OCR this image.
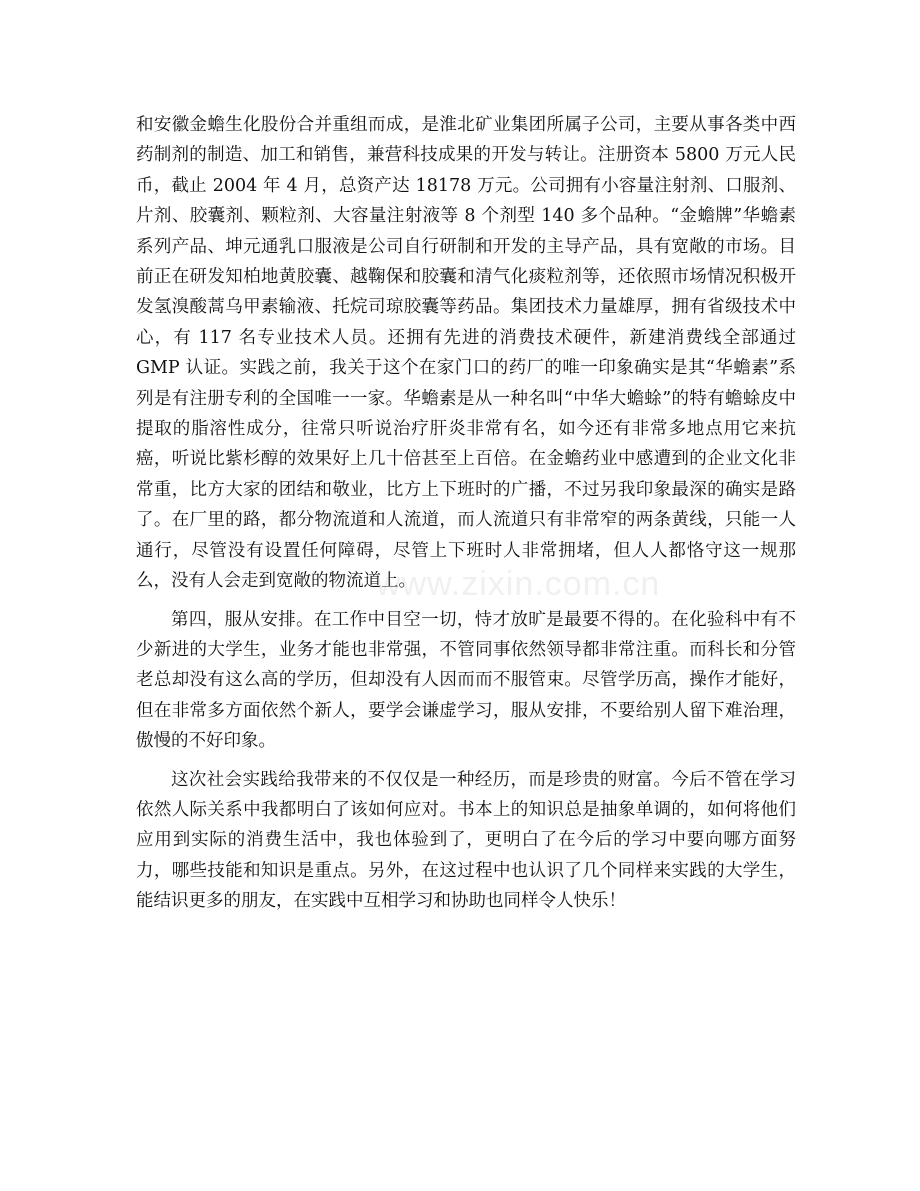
和安徽金蟾生化股份合并重组而成，是淮北矿业集团所属子公司，主要从事各类中西药制剂的制造、加工和销售，兼营科技成果的开发与转让。注册资本 5800 万元人民币，截止 2004 年 4 月，总资产达 18178 万元。公司拥有小容量注射剂、口服剂、片剂、胶囊剂、颗粒剂、大容量注射液等 8 个剂型 140 多个品种。“金蟾牌”华蟾素系列产品、坤元通乳口服液是公司自行研制和开发的主导产品，具有宽敞的市场。目前正在研发知柏地黄胶囊、越鞠保和胶囊和清气化痰粒剂等，还依照市场情况积极开发氢溴酸蒿乌甲素输液、托烷司琼胶囊等药品。集团技术力量雄厚，拥有省级技术中心，有 117 名专业技术人员。还拥有先进的消费技术硬件，新建消费线全部通过 GMP 认证。实践之前，我关于这个在家门口的药厂的唯一印象确实是其“华蟾素”系列是有注册专利的全国唯一一家。华蟾素是从一种名叫“中华大蟾蜍”的特有蟾蜍皮中提取的脂溶性成分，往常只听说治疗肝炎非常有名，如今还有非常多地点用它来抗癌，听说比紫杉醇的效果好上几十倍甚至上百倍。在金蟾药业中感遭到的企业文化非常重，比方大家的团结和敬业，比方上下班时的广播，不过另我印象最深的确实是路了。在厂里的路，都分物流道和人流道，而人流道只有非常窄的两条黄线，只能一人通行，尽管没有设置任何障碍，尽管上下班时人非常拥堵，但人人都恪守这一规那么，没有人会走到宽敞的物流道上。

第四，服从安排。在工作中目空一切，恃才放旷是最要不得的。在化验科中有不少新进的大学生，业务才能也非常强，不管同事依然领导都非常注重。而科长和分管老总却没有这么高的学历，但却没有人因而而不服管束。尽管学历高，操作才能好，但在非常多方面依然个新人，要学会谦虚学习，服从安排，不要给别人留下难治理，傲慢的不好印象。

这次社会实践给我带来的不仅仅是一种经历，而是珍贵的财富。今后不管在学习依然人际关系中我都明白了该如何应对。书本上的知识总是抽象单调的，如何将他们应用到实际的消费生活中，我也体验到了，更明白了在今后的学习中要向哪方面努力，哪些技能和知识是重点。另外，在这过程中也认识了几个同样来实践的大学生，能结识更多的朋友，在实践中互相学习和协助也同样令人快乐！

www.zixin.com.cn
